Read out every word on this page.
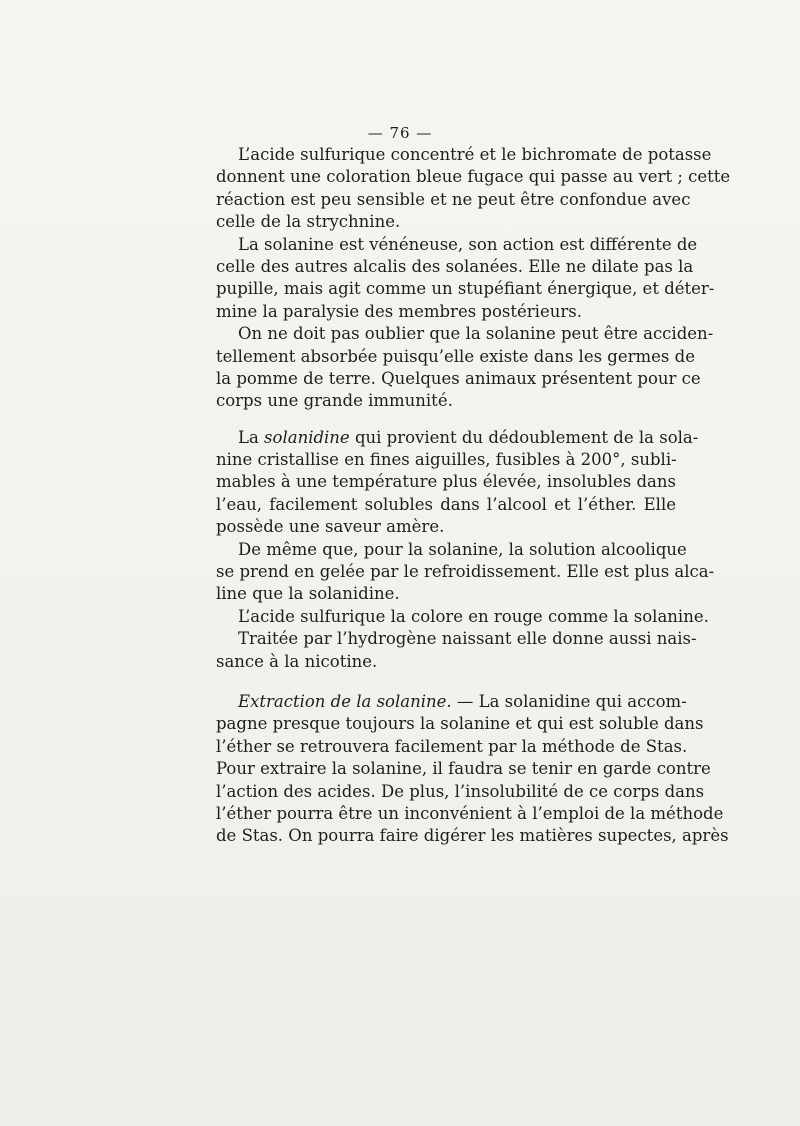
— 76 —

L’acide sulfurique concentré et le bichromate de potasse
donnent une coloration bleue fugace qui passe au vert ; cette
réaction est peu sensible et ne peut être confondue avec
celle de la strychnine.

La solanine est vénéneuse, son action est différente de
celle des autres alcalis des solanées. Elle ne dilate pas la
pupille, mais agit comme un stupéfiant énergique, et déter-
mine la paralysie des membres postérieurs.

On ne doit pas oublier que la solanine peut être acciden-
tellement absorbée puisqu’elle existe dans les germes de
la pomme de terre. Quelques animaux présentent pour ce
corps une grande immunité.

La solanidine qui provient du dédoublement de la sola-
nine cristallise en fines aiguilles, fusibles à 200°, subli-
mables à une température plus élevée, insolubles dans
l’eau, facilement solubles dans l’alcool et l’éther. Elle
possède une saveur amère.

De même que, pour la solanine, la solution alcoolique
se prend en gelée par le refroidissement. Elle est plus alca-
line que la solanidine.

L’acide sulfurique la colore en rouge comme la solanine.

Traitée par l’hydrogène naissant elle donne aussi nais-
sance à la nicotine.

Extraction de la solanine. — La solanidine qui accom-
pagne presque toujours la solanine et qui est soluble dans
l’éther se retrouvera facilement par la méthode de Stas.
Pour extraire la solanine, il faudra se tenir en garde contre
l’action des acides. De plus, l’insolubilité de ce corps dans
l’éther pourra être un inconvénient à l’emploi de la méthode
de Stas. On pourra faire digérer les matières supectes, après
